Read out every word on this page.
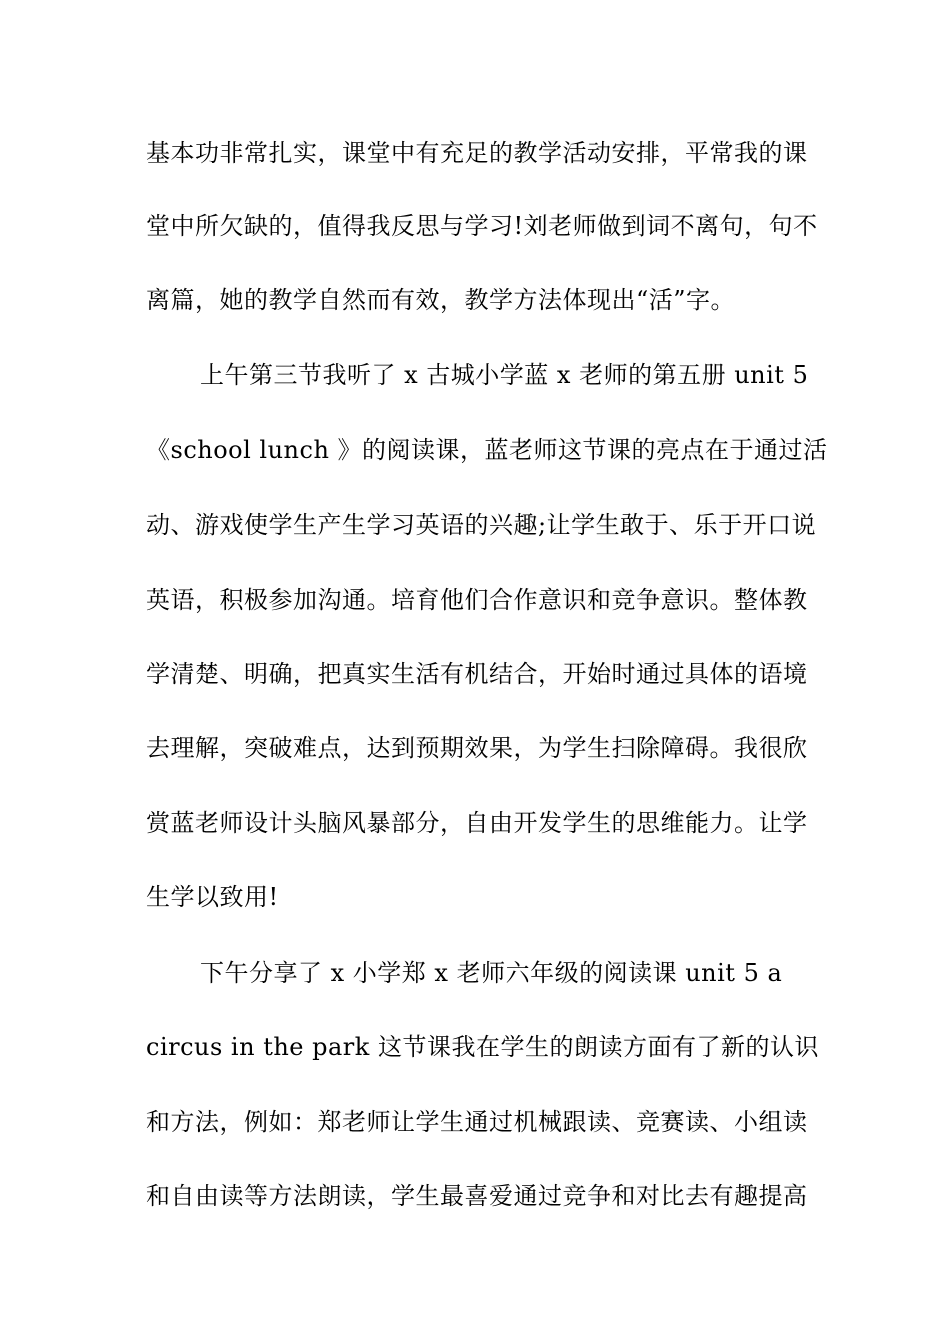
基本功非常扎实，课堂中有充足的教学活动安排，平常我的课
堂中所欠缺的，值得我反思与学习!刘老师做到词不离句，句不
离篇，她的教学自然而有效，教学方法体现出“活”字。
上午第三节我听了 x 古城小学蓝 x 老师的第五册 unit 5
《school lunch 》的阅读课，蓝老师这节课的亮点在于通过活
动、游戏使学生产生学习英语的兴趣;让学生敢于、乐于开口说
英语，积极参加沟通。培育他们合作意识和竞争意识。整体教
学清楚、明确，把真实生活有机结合，开始时通过具体的语境
去理解，突破难点，达到预期效果，为学生扫除障碍。我很欣
赏蓝老师设计头脑风暴部分，自由开发学生的思维能力。让学
生学以致用!
下午分享了 x 小学郑 x 老师六年级的阅读课 unit 5 a
circus in the park 这节课我在学生的朗读方面有了新的认识
和方法，例如：郑老师让学生通过机械跟读、竞赛读、小组读
和自由读等方法朗读，学生最喜爱通过竞争和对比去有趣提高
